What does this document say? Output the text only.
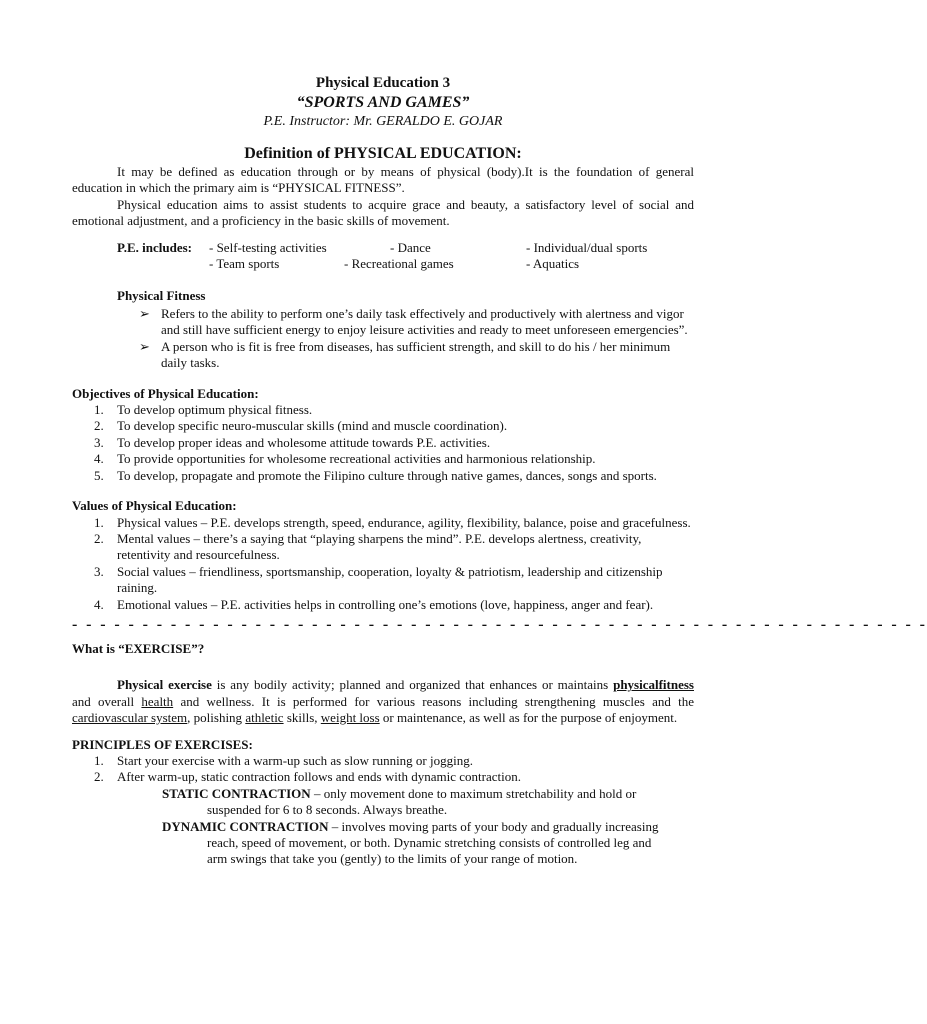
Physical Education 3
“SPORTS AND GAMES”
P.E. Instructor: Mr. GERALDO E. GOJAR
Definition of PHYSICAL EDUCATION:
It may be defined as education through or by means of physical (body).It is the foundation of general education in which the primary aim is “PHYSICAL FITNESS”.
Physical education aims to assist students to acquire grace and beauty, a satisfactory level of social and emotional adjustment, and a proficiency in the basic skills of movement.
P.E. includes: - Self-testing activities	- Dance	- Individual/dual sports
- Team sports	- Recreational games	- Aquatics
Physical Fitness
➢ Refers to the ability to perform one’s daily task effectively and productively with alertness and vigor and still have sufficient energy to enjoy leisure activities and ready to meet unforeseen emergencies”.
➢ A person who is fit is free from diseases, has sufficient strength, and skill to do his / her minimum daily tasks.
Objectives of Physical Education:
1. To develop optimum physical fitness.
2. To develop specific neuro-muscular skills (mind and muscle coordination).
3. To develop proper ideas and wholesome attitude towards P.E. activities.
4. To provide opportunities for wholesome recreational activities and harmonious relationship.
5. To develop, propagate and promote the Filipino culture through native games, dances, songs and sports.
Values of Physical Education:
1. Physical values – P.E. develops strength, speed, endurance, agility, flexibility, balance, poise and gracefulness.
2. Mental values – there’s a saying that “playing sharpens the mind”. P.E. develops alertness, creativity, retentivity and resourcefulness.
3. Social values – friendliness, sportsmanship, cooperation, loyalty & patriotism, leadership and citizenship raining.
4. Emotional values – P.E. activities helps in controlling one’s emotions (love, happiness, anger and fear).
- - - - - - - - - - - - - - - - - - - - - - - - - - - - - - - - - - - - - - - - - - - - - - - - - - - - - - - - - - - - -
What is “EXERCISE”?
Physical exercise is any bodily activity; planned and organized that enhances or maintains physicalfitness and overall health and wellness. It is performed for various reasons including strengthening muscles and the cardiovascular system, polishing athletic skills, weight loss or maintenance, as well as for the purpose of enjoyment.
PRINCIPLES OF EXERCISES:
1. Start your exercise with a warm-up such as slow running or jogging.
2. After warm-up, static contraction follows and ends with dynamic contraction.
STATIC CONTRACTION – only movement done to maximum stretchability and hold or
suspended for 6 to 8 seconds. Always breathe.
DYNAMIC CONTRACTION – involves moving parts of your body and gradually increasing
reach, speed of movement, or both. Dynamic stretching consists of controlled leg and
arm swings that take you (gently) to the limits of your range of motion.
